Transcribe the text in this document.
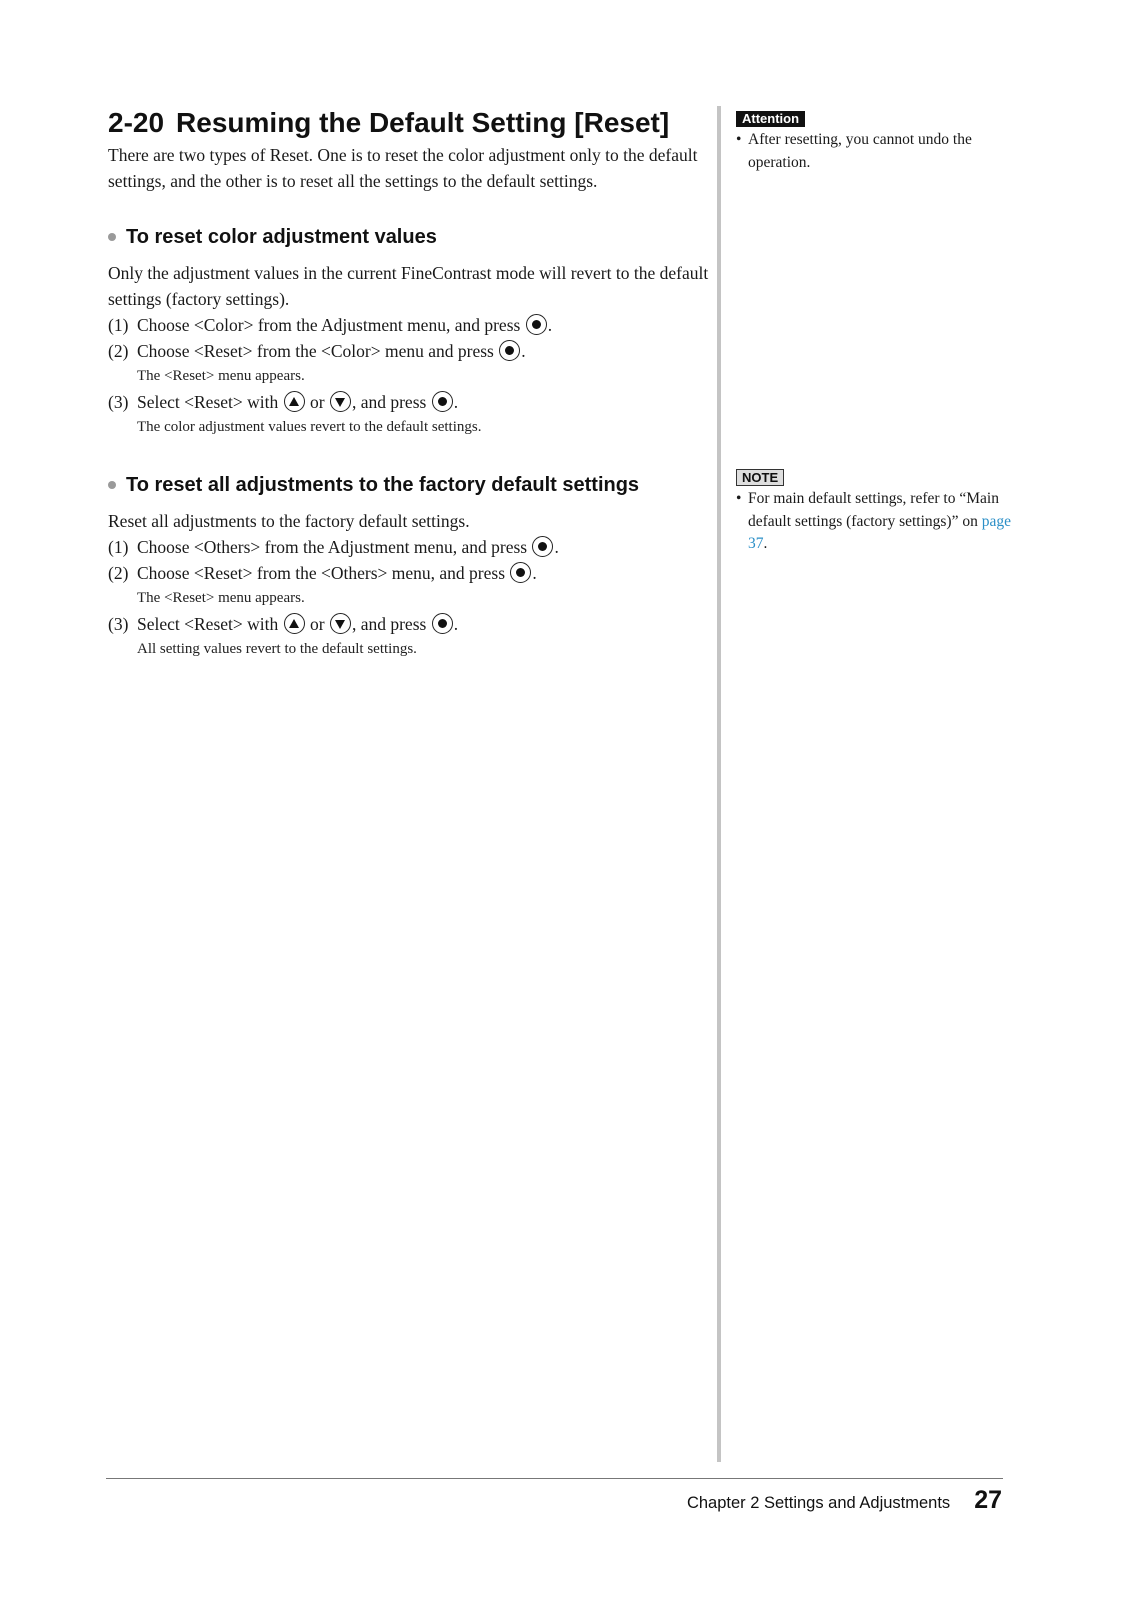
2-20 Resuming the Default Setting [Reset]

There are two types of Reset. One is to reset the color adjustment only to the default settings, and the other is to reset all the settings to the default settings.

To reset color adjustment values

Only the adjustment values in the current FineContrast mode will revert to the default settings (factory settings).

(1) Choose <Color> from the Adjustment menu, and press .
(2) Choose <Reset> from the <Color> menu and press .
The <Reset> menu appears.
(3) Select <Reset> with or , and press .
The color adjustment values revert to the default settings.
To reset all adjustments to the factory default settings

Reset all adjustments to the factory default settings.

(1) Choose <Others> from the Adjustment menu, and press .
(2) Choose <Reset> from the <Others> menu, and press .
The <Reset> menu appears.
(3) Select <Reset> with or , and press .
All setting values revert to the default settings.
Attention
• After resetting, you cannot undo the operation.
NOTE
• For main default settings, refer to “Main default settings (factory settings)” on page 37.
Chapter 2 Settings and Adjustments 27
